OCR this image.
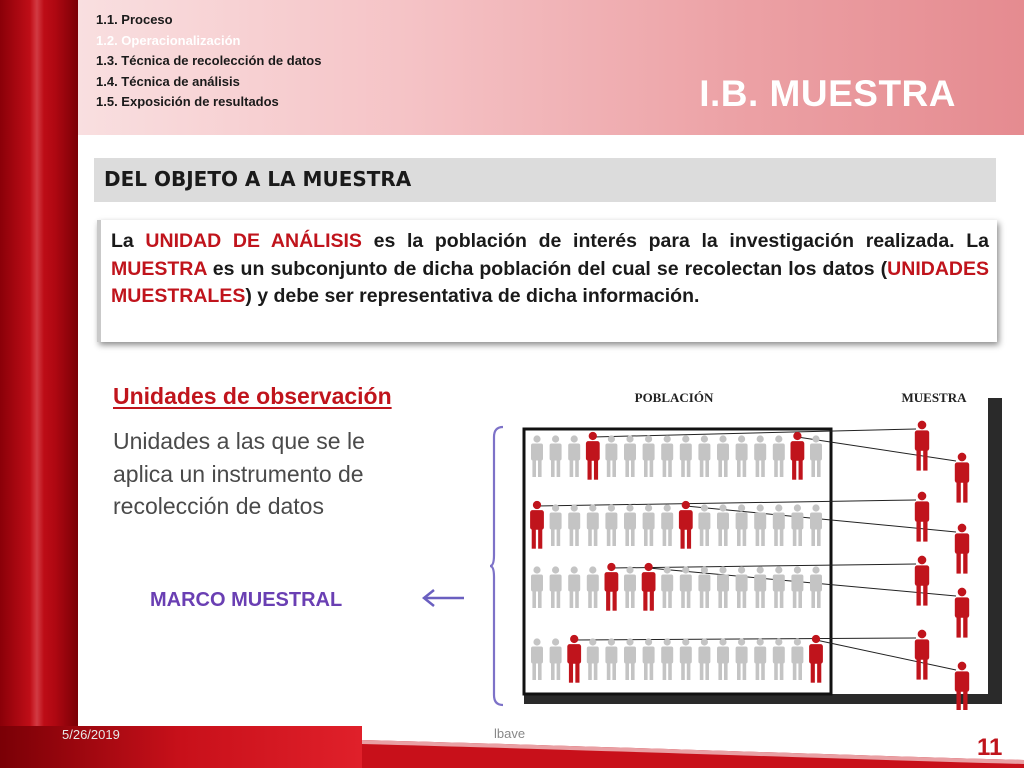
1.1. Proceso
1.2. Operacionalización
1.3. Técnica de recolección de datos
1.4. Técnica de análisis
1.5. Exposición de resultados	I.B. MUESTRA
DEL OBJETO A LA MUESTRA
La UNIDAD DE ANÁLISIS es la población de interés para la investigación realizada. La MUESTRA es un subconjunto de dicha población del cual se recolectan los datos (UNIDADES MUESTRALES) y debe ser representativa de dicha información.
Unidades de observación
Unidades a las que se le aplica un instrumento de recolección de datos
MARCO MUESTRAL
POBLACIÓN	MUESTRA
5/26/2019	lbave
11
